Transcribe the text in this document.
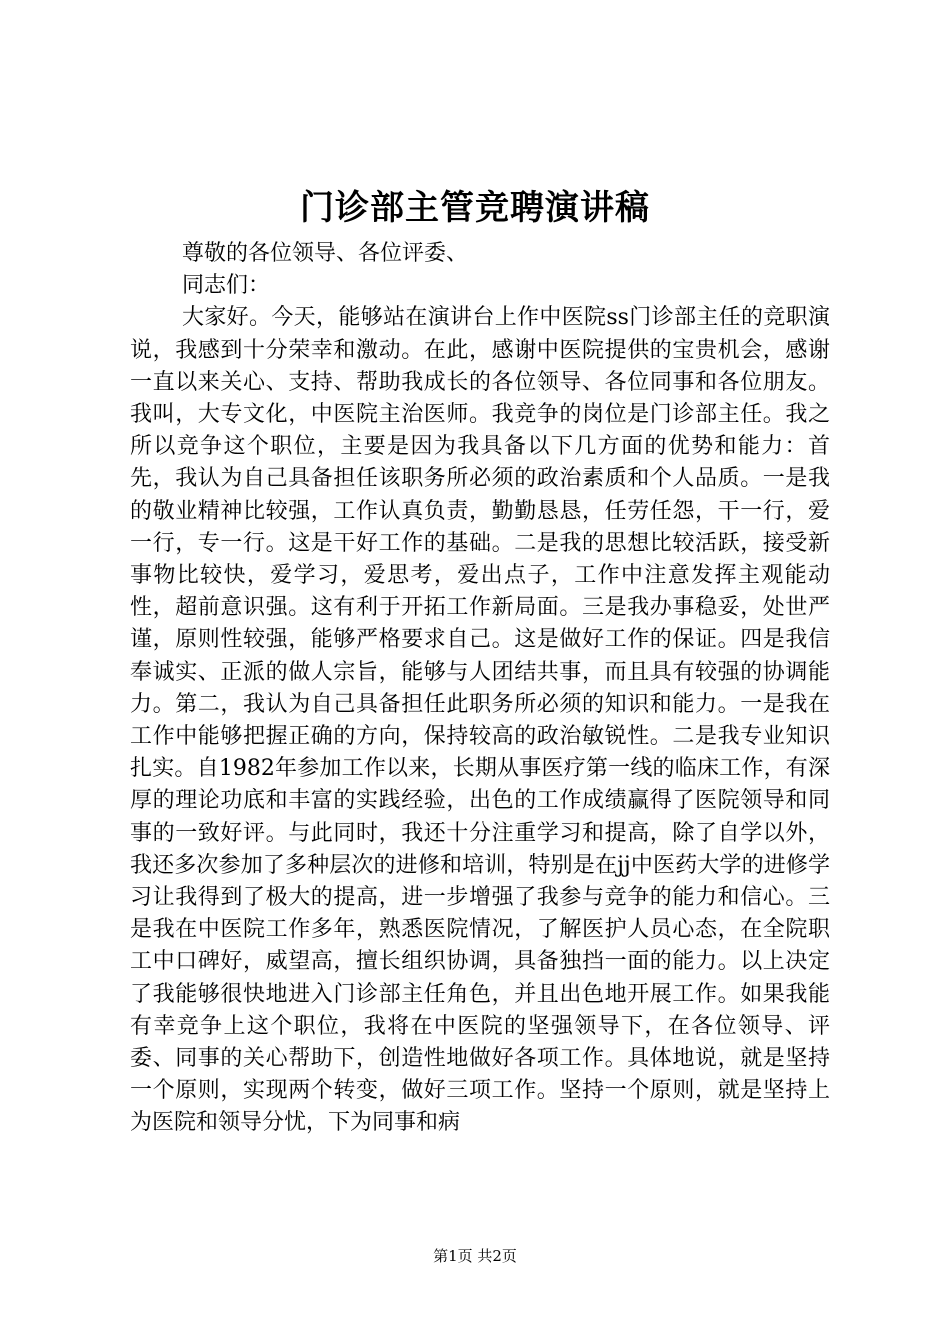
门诊部主管竞聘演讲稿

尊敬的各位领导、各位评委、

同志们：

大家好。今天，能够站在演讲台上作中医院ss门诊部主任的竞职演说，我感到十分荣幸和激动。在此，感谢中医院提供的宝贵机会，感谢一直以来关心、支持、帮助我成长的各位领导、各位同事和各位朋友。我叫，大专文化，中医院主治医师。我竞争的岗位是门诊部主任。我之所以竞争这个职位，主要是因为我具备以下几方面的优势和能力：首先，我认为自己具备担任该职务所必须的政治素质和个人品质。一是我的敬业精神比较强，工作认真负责，勤勤恳恳，任劳任怨，干一行，爱一行，专一行。这是干好工作的基础。二是我的思想比较活跃，接受新事物比较快，爱学习，爱思考，爱出点子，工作中注意发挥主观能动性，超前意识强。这有利于开拓工作新局面。三是我办事稳妥，处世严谨，原则性较强，能够严格要求自己。这是做好工作的保证。四是我信奉诚实、正派的做人宗旨，能够与人团结共事，而且具有较强的协调能力。第二，我认为自己具备担任此职务所必须的知识和能力。一是我在工作中能够把握正确的方向，保持较高的政治敏锐性。二是我专业知识扎实。自1982年参加工作以来，长期从事医疗第一线的临床工作，有深厚的理论功底和丰富的实践经验，出色的工作成绩赢得了医院领导和同事的一致好评。与此同时，我还十分注重学习和提高，除了自学以外，我还多次参加了多种层次的进修和培训，特别是在jj中医药大学的进修学习让我得到了极大的提高，进一步增强了我参与竞争的能力和信心。三是我在中医院工作多年，熟悉医院情况，了解医护人员心态，在全院职工中口碑好，威望高，擅长组织协调，具备独挡一面的能力。以上决定了我能够很快地进入门诊部主任角色，并且出色地开展工作。如果我能有幸竞争上这个职位，我将在中医院的坚强领导下，在各位领导、评委、同事的关心帮助下，创造性地做好各项工作。具体地说，就是坚持一个原则，实现两个转变，做好三项工作。坚持一个原则，就是坚持上为医院和领导分忧，下为同事和病

第1页 共2页
